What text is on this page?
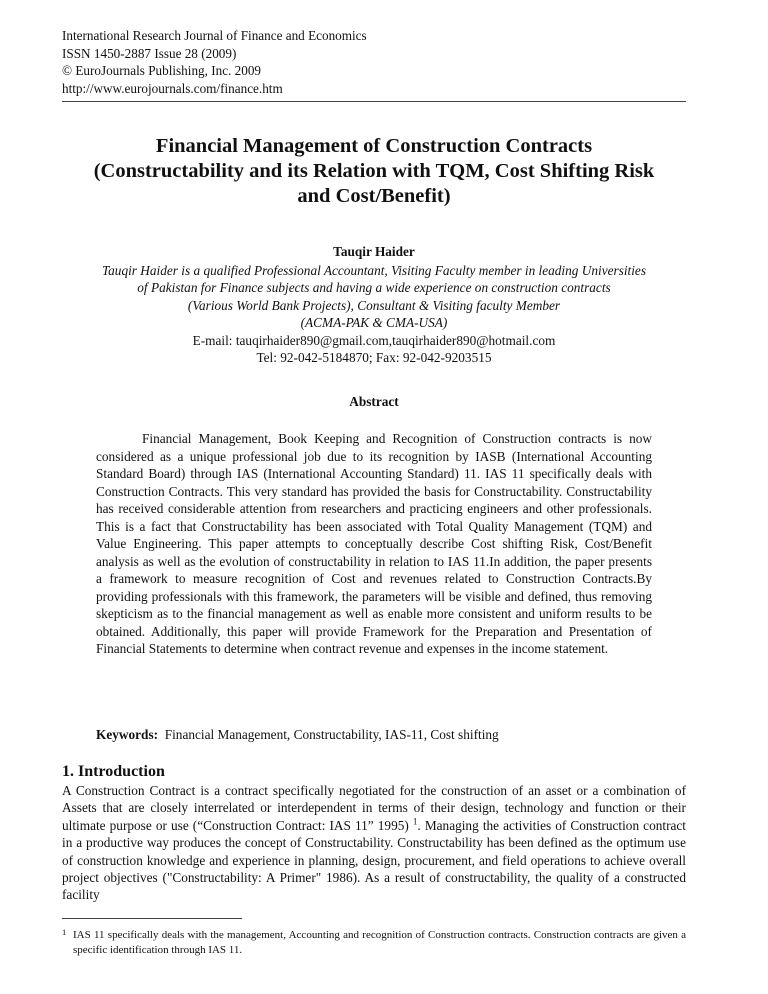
International Research Journal of Finance and Economics
ISSN 1450-2887 Issue 28 (2009)
© EuroJournals Publishing, Inc. 2009
http://www.eurojournals.com/finance.htm
Financial Management of Construction Contracts
(Constructability and its Relation with TQM, Cost Shifting Risk
and Cost/Benefit)
Tauqir Haider
Tauqir Haider is a qualified Professional Accountant, Visiting Faculty member in leading Universities
of Pakistan for Finance subjects and having a wide experience on construction contracts
(Various World Bank Projects), Consultant & Visiting faculty Member
(ACMA-PAK & CMA-USA)
E-mail: tauqirhaider890@gmail.com,tauqirhaider890@hotmail.com
Tel: 92-042-5184870; Fax: 92-042-9203515
Abstract

Financial Management, Book Keeping and Recognition of Construction contracts is now considered as a unique professional job due to its recognition by IASB (International Accounting Standard Board) through IAS (International Accounting Standard) 11. IAS 11 specifically deals with Construction Contracts. This very standard has provided the basis for Constructability. Constructability has received considerable attention from researchers and practicing engineers and other professionals. This is a fact that Constructability has been associated with Total Quality Management (TQM) and Value Engineering. This paper attempts to conceptually describe Cost shifting Risk, Cost/Benefit analysis as well as the evolution of constructability in relation to IAS 11.In addition, the paper presents a framework to measure recognition of Cost and revenues related to Construction Contracts.By providing professionals with this framework, the parameters will be visible and defined, thus removing skepticism as to the financial management as well as enable more consistent and uniform results to be obtained. Additionally, this paper will provide Framework for the Preparation and Presentation of Financial Statements to determine when contract revenue and expenses in the income statement.

Keywords: Financial Management, Constructability, IAS-11, Cost shifting
1. Introduction

A Construction Contract is a contract specifically negotiated for the construction of an asset or a combination of Assets that are closely interrelated or interdependent in terms of their design, technology and function or their ultimate purpose or use (“Construction Contract: IAS 11” 1995) $^1$. Managing the activities of Construction contract in a productive way produces the concept of Constructability. Constructability has been defined as the optimum use of construction knowledge and experience in planning, design, procurement, and field operations to achieve overall project objectives ("Constructability: A Primer" 1986). As a result of constructability, the quality of a constructed facility

1 IAS 11 specifically deals with the management, Accounting and recognition of Construction contracts. Construction contracts are given a specific identification through IAS 11.
